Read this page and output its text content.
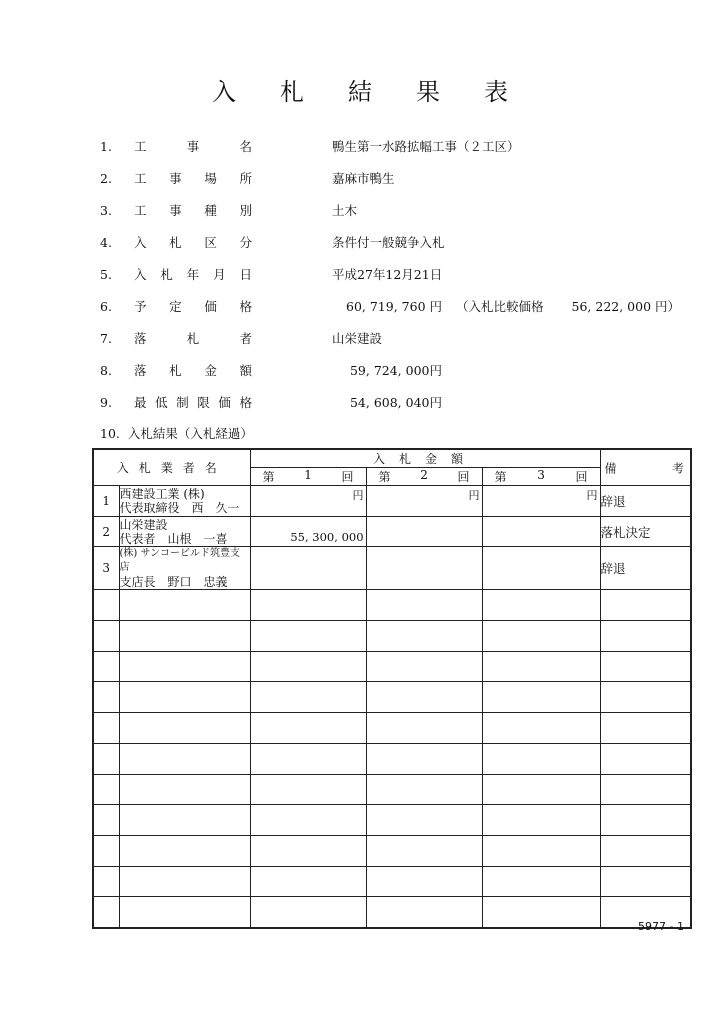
入 札 結 果 表
1.	工	事	名	鴨生第一水路拡幅工事（２工区）
2.	工 事 場 所	嘉麻市鴨生
3.	工 事 種 別	土木
4.	入 札 区 分	条件付一般競争入札
5.	入 札 年 月 日	平成27年12月21日
6.	予 定 価 格	60, 719, 760 円 （入札比較価格 56, 222, 000 円）
7.	落	札	者	山栄建設
8.	落 札 金 額	59, 724, 000円
9.	最 低 制 限 価 格	54, 608, 040円
10. 入札結果（入札経過）
入札業者名		入札金額			備 考

		第 1 回	第 2 回	第 3 回	

1	西建設工業 (株)
代表取締役　西　久一	円	円	円	辞退
2	山栄建設
代表者　山根　一喜	55, 300, 000			落札決定
3	(株) サンコービルド筑豊支店
支店長　野口　忠義				辞退

5977 - 1
